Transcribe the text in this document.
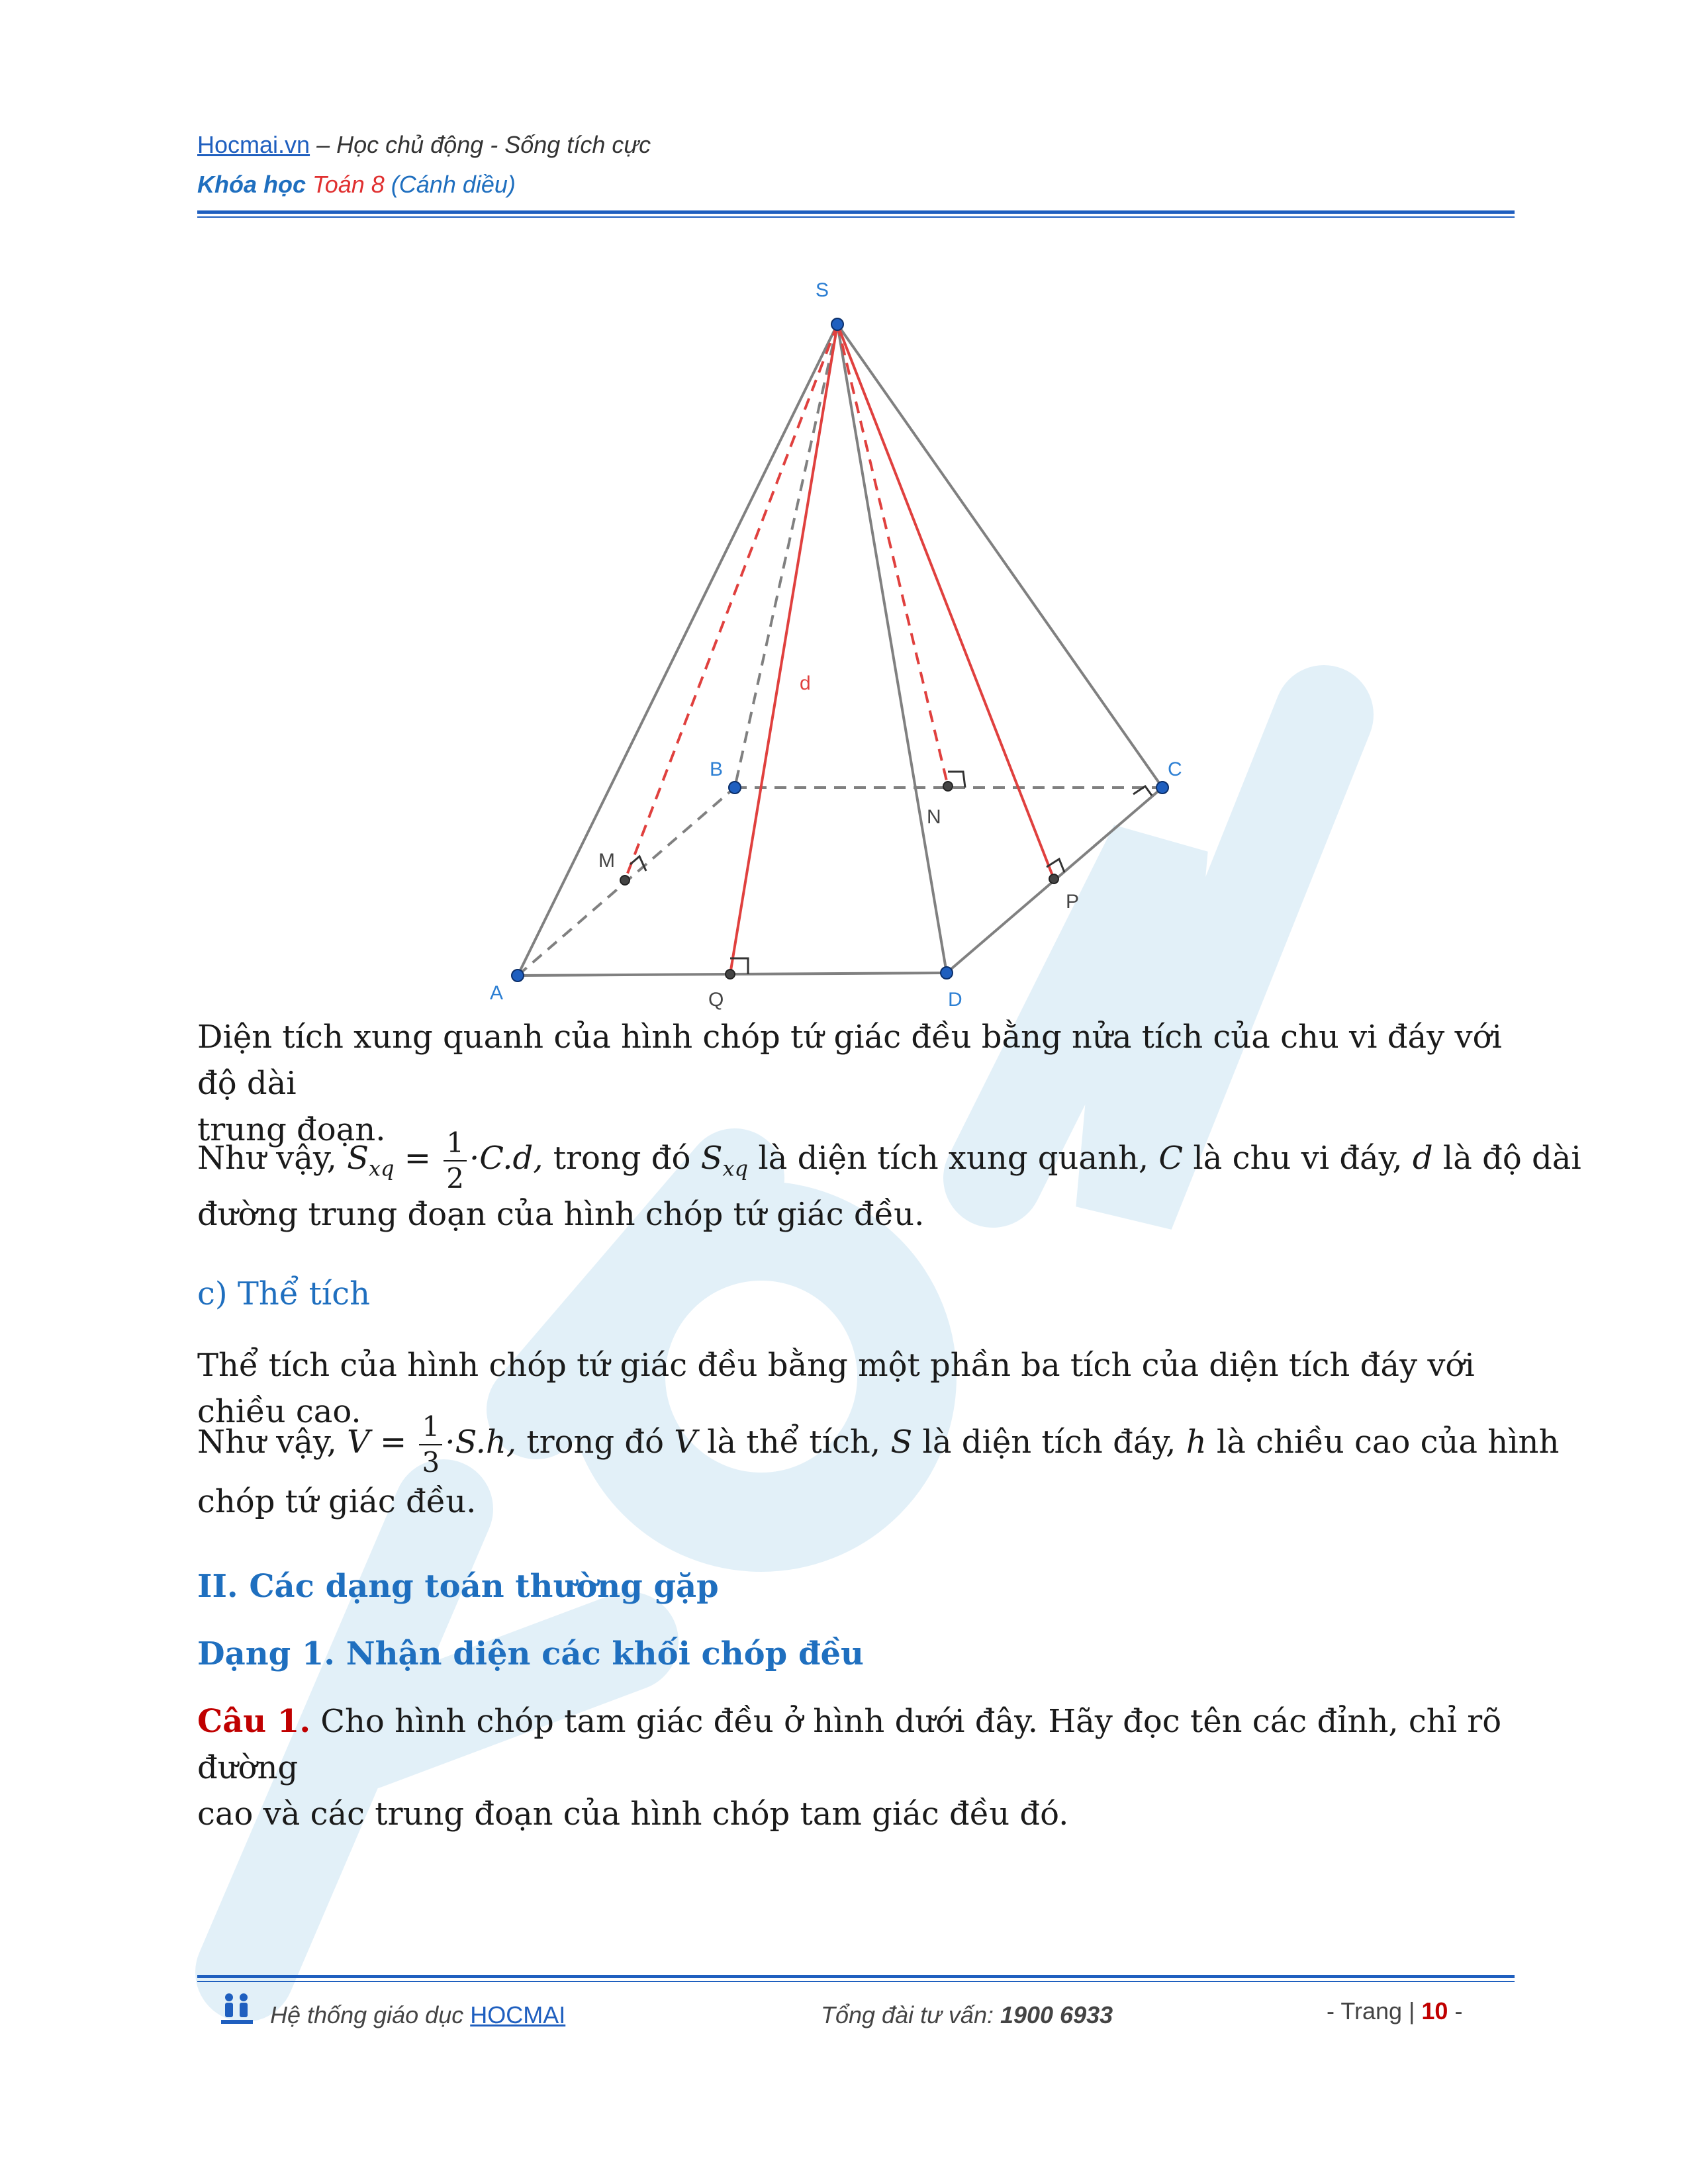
Hocmai.vn – Học chủ động - Sống tích cực
Khóa học Toán 8 (Cánh diều)
S
A
B	C
D
M
N
P
Q
d
Diện tích xung quanh của hình chóp tứ giác đều bằng nửa tích của chu vi đáy với độ dài
trung đoạn.
Như vậy, $S_{xq} = \frac{1}{2} \cdot C.d$, trong đó $S_{xq}$ là diện tích xung quanh, C là chu vi đáy, d là độ dài
đường trung đoạn của hình chóp tứ giác đều.
c) Thể tích
Thể tích của hình chóp tứ giác đều bằng một phần ba tích của diện tích đáy với chiều cao.
Như vậy, $V = \frac{1}{3} \cdot S.h$, trong đó V là thể tích, S là diện tích đáy, h là chiều cao của hình
chóp tứ giác đều.
II. Các dạng toán thường gặp
Dạng 1. Nhận diện các khối chóp đều
Câu 1. Cho hình chóp tam giác đều ở hình dưới đây. Hãy đọc tên các đỉnh, chỉ rõ đường
cao và các trung đoạn của hình chóp tam giác đều đó.
Hệ thống giáo dục HOCMAI	Tổng đài tư vấn: 1900 6933	- Trang | 10 -
